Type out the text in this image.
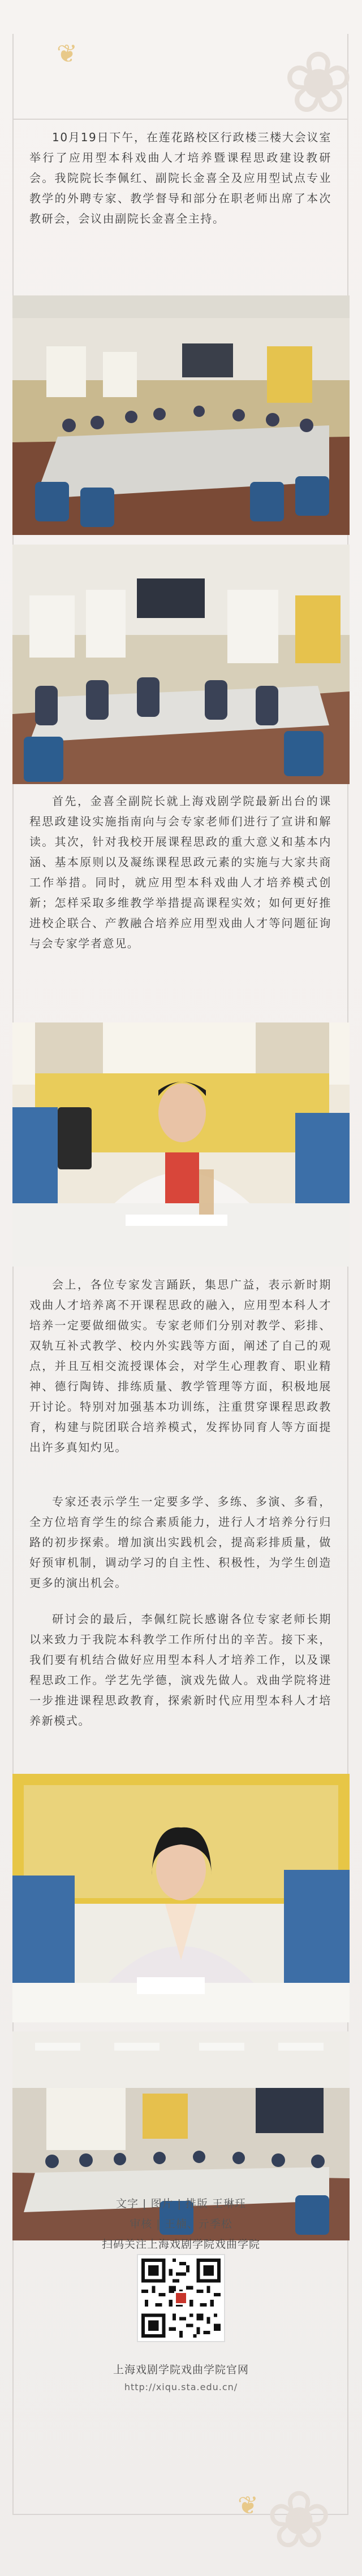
❀
❀
❦
❦

10月19日下午，在莲花路校区行政楼三楼大会议室举行了应用型本科戏曲人才培养暨课程思政建设教研会。我院院长李佩红、副院长金喜全及应用型试点专业教学的外聘专家、教学督导和部分在职老师出席了本次教研会，会议由副院长金喜全主持。

首先，金喜全副院长就上海戏剧学院最新出台的课程思政建设实施指南向与会专家老师们进行了宣讲和解读。其次，针对我校开展课程思政的重大意义和基本内涵、基本原则以及凝练课程思政元素的实施与大家共商工作举措。同时，就应用型本科戏曲人才培养模式创新；怎样采取多维教学举措提高课程实效；如何更好推进校企联合、产教融合培养应用型戏曲人才等问题征询与会专家学者意见。

会上，各位专家发言踊跃，集思广益，表示新时期戏曲人才培养离不开课程思政的融入，应用型本科人才培养一定要做细做实。专家老师们分别对教学、彩排、双轨互补式教学、校内外实践等方面，阐述了自己的观点，并且互相交流授课体会，对学生心理教育、职业精神、德行陶铸、排练质量、教学管理等方面，积极地展开讨论。特别对加强基本功训练，注重贯穿课程思政教育，构建与院团联合培养模式，发挥协同育人等方面提出许多真知灼见。

专家还表示学生一定要多学、多练、多演、多看，全方位培育学生的综合素质能力，进行人才培养分行归路的初步探索。增加演出实践机会，提高彩排质量，做好预审机制，调动学习的自主性、积极性，为学生创造更多的演出机会。

研讨会的最后，李佩红院长感谢各位专家老师长期以来致力于我院本科教学工作所付出的辛苦。接下来，我们要有机结合做好应用型本科人才培养工作，以及课程思政工作。学艺先学德，演戏先做人。戏曲学院将进一步推进课程思政教育，探索新时代应用型本科人才培养新模式。

文字 | 图片 | 排版 王琳珏
审核 | 王楠、亓季松
扫码关注上海戏剧学院戏曲学院
上海戏剧学院戏曲学院官网
http://xiqu.sta.edu.cn/
